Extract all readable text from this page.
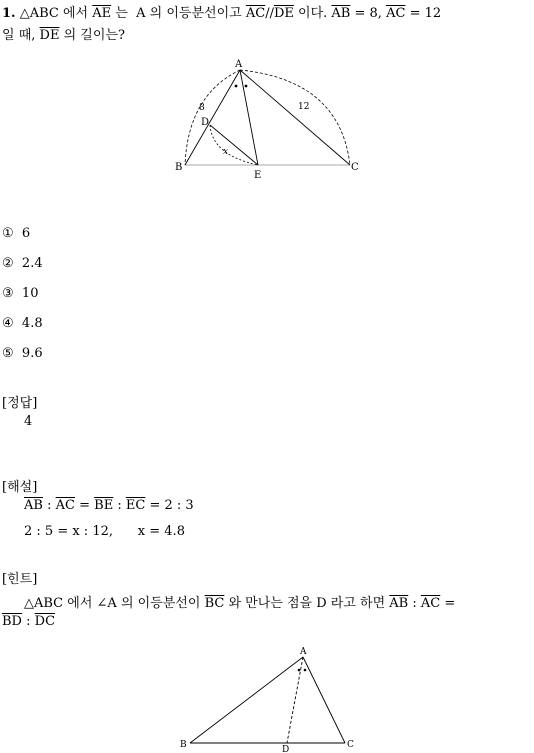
1. △ABC 에서 $\overline{AE}$ 는 A 의 이등분선이고 $\overline{AC}//\overline{DE}$ 이다. $\overline{AB} = 8$, $\overline{AC} = 12$
일 때, $\overline{DE}$ 의 길이는?
A
B	C
D
E
8	12
x
① 6
② 2.4
③ 10
④ 4.8
⑤ 9.6
[정답]
4
[해설]
$\overline{AB}$ : $\overline{AC} = \overline{BE}$ : $\overline{EC} = 2$ : 3
2 : 5 = x : 12, x = 4.8
[힌트]
△ABC 에서 ∠A 의 이등분선이 $\overline{BC}$ 와 만나는 점을 D 라고 하면 $\overline{AB}$ : $\overline{AC}$ =
$\overline{BD}$ : $\overline{DC}$
A
B	C
D
